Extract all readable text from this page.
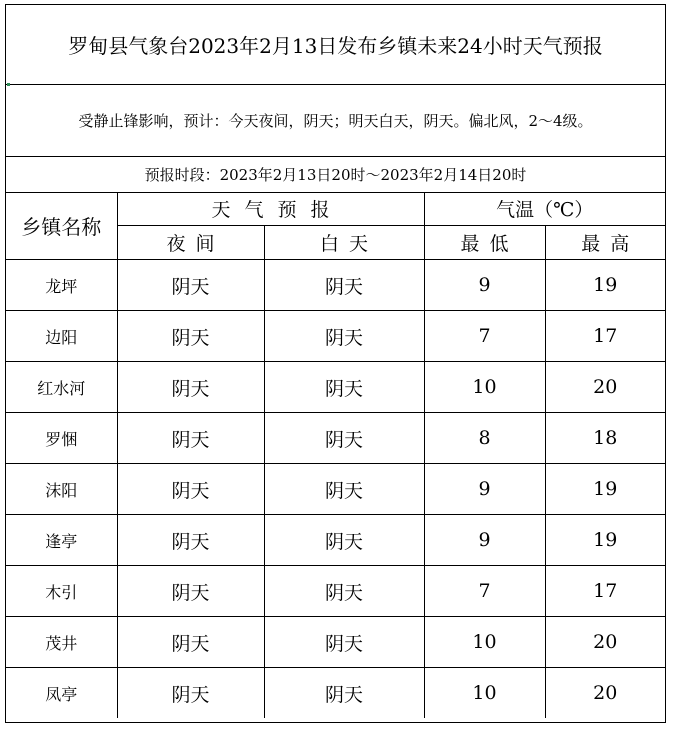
罗甸县气象台2023年2月13日发布乡镇未来24小时天气预报
受静止锋影响，预计：今天夜间，阴天；明天白天，阴天。偏北风，2～4级。
预报时段：2023年2月13日20时～2023年2月14日20时
乡镇名称	天气预报		气温（℃）	
	夜间	白天	最低	最高
龙坪	阴天	阴天	9	19
边阳	阴天	阴天	7	17
红水河	阴天	阴天	10	20
罗悃	阴天	阴天	8	18
沫阳	阴天	阴天	9	19
逢亭	阴天	阴天	9	19
木引	阴天	阴天	7	17
茂井	阴天	阴天	10	20
凤亭	阴天	阴天	10	20
